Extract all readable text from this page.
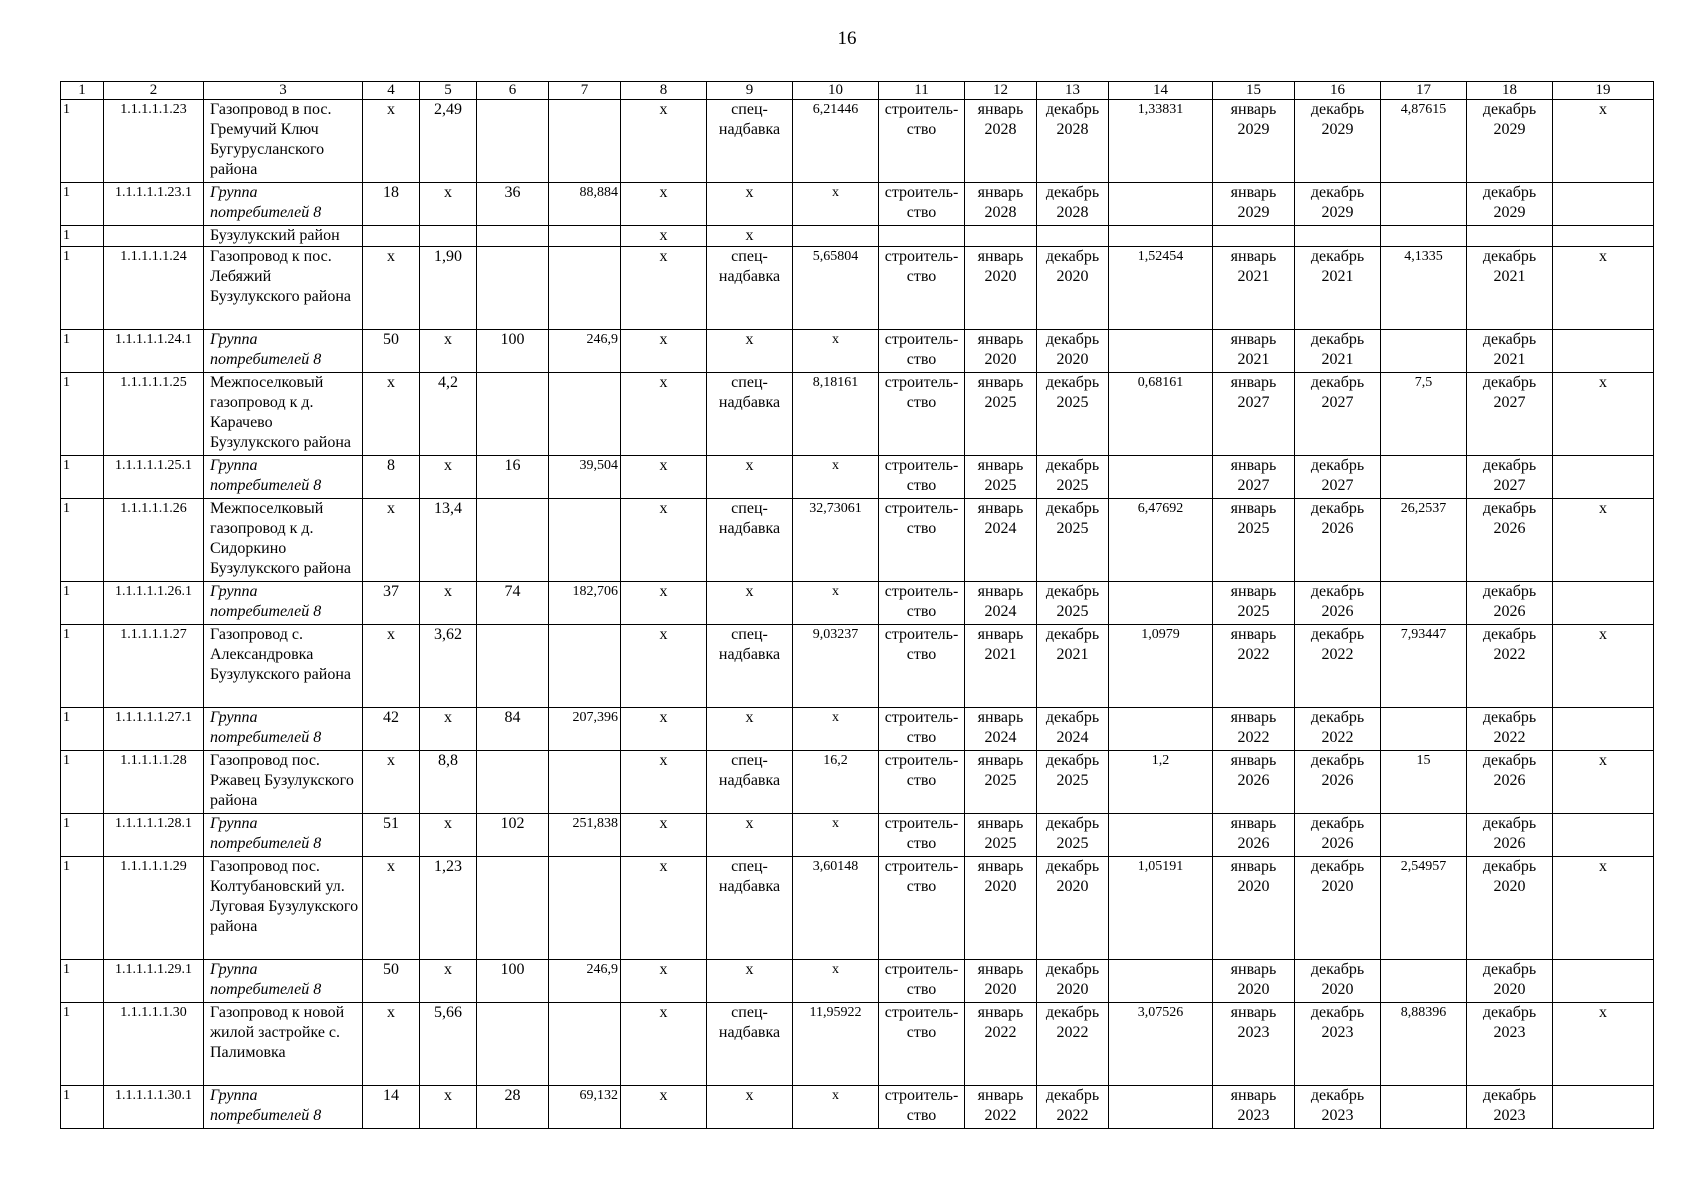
16
1	2	3	4	5	6	7	8	9	10	11	12	13	14	15	16	17	18	19
1	1.1.1.1.1.23	Газопровод в пос. Гремучий Ключ Бугурусланского района	х	2,49			х	спец-надбавка	6,21446	строитель-ство	январь 2028	декабрь 2028	1,33831	январь 2029	декабрь 2029	4,87615	декабрь 2029	х
1	1.1.1.1.1.23.1	Группа потребителей 8	18	х	36	88,884	х	х	х	строитель-ство	январь 2028	декабрь 2028		январь 2029	декабрь 2029		декабрь 2029	
1		Бузулукский район					х	х										
1	1.1.1.1.1.24	Газопровод к пос. Лебяжий Бузулукского района	х	1,90			х	спец-надбавка	5,65804	строитель-ство	январь 2020	декабрь 2020	1,52454	январь 2021	декабрь 2021	4,1335	декабрь 2021	х
1	1.1.1.1.1.24.1	Группа потребителей 8	50	х	100	246,9	х	х	х	строитель-ство	январь 2020	декабрь 2020		январь 2021	декабрь 2021		декабрь 2021	
1	1.1.1.1.1.25	Межпоселковый газопровод к д. Карачево Бузулукского района	х	4,2			х	спец-надбавка	8,18161	строитель-ство	январь 2025	декабрь 2025	0,68161	январь 2027	декабрь 2027	7,5	декабрь 2027	х
1	1.1.1.1.1.25.1	Группа потребителей 8	8	х	16	39,504	х	х	х	строитель-ство	январь 2025	декабрь 2025		январь 2027	декабрь 2027		декабрь 2027	
1	1.1.1.1.1.26	Межпоселковый газопровод к д. Сидоркино Бузулукского района	х	13,4			х	спец-надбавка	32,73061	строитель-ство	январь 2024	декабрь 2025	6,47692	январь 2025	декабрь 2026	26,2537	декабрь 2026	х
1	1.1.1.1.1.26.1	Группа потребителей 8	37	х	74	182,706	х	х	х	строитель-ство	январь 2024	декабрь 2025		январь 2025	декабрь 2026		декабрь 2026	
1	1.1.1.1.1.27	Газопровод с. Александровка Бузулукского района	х	3,62			х	спец-надбавка	9,03237	строитель-ство	январь 2021	декабрь 2021	1,0979	январь 2022	декабрь 2022	7,93447	декабрь 2022	х
1	1.1.1.1.1.27.1	Группа потребителей 8	42	х	84	207,396	х	х	х	строитель-ство	январь 2024	декабрь 2024		январь 2022	декабрь 2022		декабрь 2022	
1	1.1.1.1.1.28	Газопровод пос. Ржавец Бузулукского района	х	8,8			х	спец-надбавка	16,2	строитель-ство	январь 2025	декабрь 2025	1,2	январь 2026	декабрь 2026	15	декабрь 2026	х
1	1.1.1.1.1.28.1	Группа потребителей 8	51	х	102	251,838	х	х	х	строитель-ство	январь 2025	декабрь 2025		январь 2026	декабрь 2026		декабрь 2026	
1	1.1.1.1.1.29	Газопровод пос. Колтубановский ул. Луговая Бузулукского района	х	1,23			х	спец-надбавка	3,60148	строитель-ство	январь 2020	декабрь 2020	1,05191	январь 2020	декабрь 2020	2,54957	декабрь 2020	х
1	1.1.1.1.1.29.1	Группа потребителей 8	50	х	100	246,9	х	х	х	строитель-ство	январь 2020	декабрь 2020		январь 2020	декабрь 2020		декабрь 2020	
1	1.1.1.1.1.30	Газопровод к новой жилой застройке с. Палимовка	х	5,66			х	спец-надбавка	11,95922	строитель-ство	январь 2022	декабрь 2022	3,07526	январь 2023	декабрь 2023	8,88396	декабрь 2023	х
1	1.1.1.1.1.30.1	Группа потребителей 8	14	х	28	69,132	х	х	х	строитель-ство	январь 2022	декабрь 2022		январь 2023	декабрь 2023		декабрь 2023	
